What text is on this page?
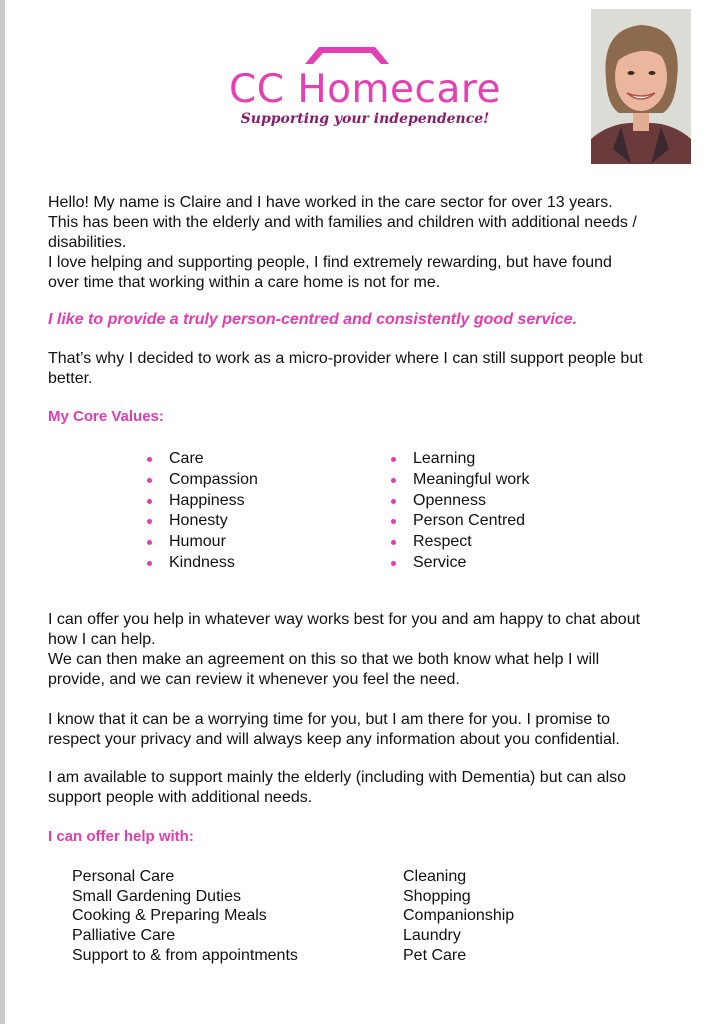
CC Homecare
Supporting your independence!

Hello! My name is Claire and I have worked in the care sector for over 13 years.

This has been with the elderly and with families and children with additional needs /

disabilities.

I love helping and supporting people, I find extremely rewarding, but have found

over time that working within a care home is not for me.

I like to provide a truly person-centred and consistently good service.

That’s why I decided to work as a micro-provider where I can still support people but

better.

My Core Values:
Care
Compassion
Happiness
Honesty
Humour
Kindness
Learning
Meaningful work
Openness
Person Centred
Respect
Service

I can offer you help in whatever way works best for you and am happy to chat about

how I can help.

We can then make an agreement on this so that we both know what help I will

provide, and we can review it whenever you feel the need.

I know that it can be a worrying time for you, but I am there for you. I promise to

respect your privacy and will always keep any information about you confidential.

I am available to support mainly the elderly (including with Dementia) but can also

support people with additional needs.

I can offer help with:
Personal Care
Small Gardening Duties
Cooking & Preparing Meals
Palliative Care
Support to & from appointments
Cleaning
Shopping
Companionship
Laundry
Pet Care
